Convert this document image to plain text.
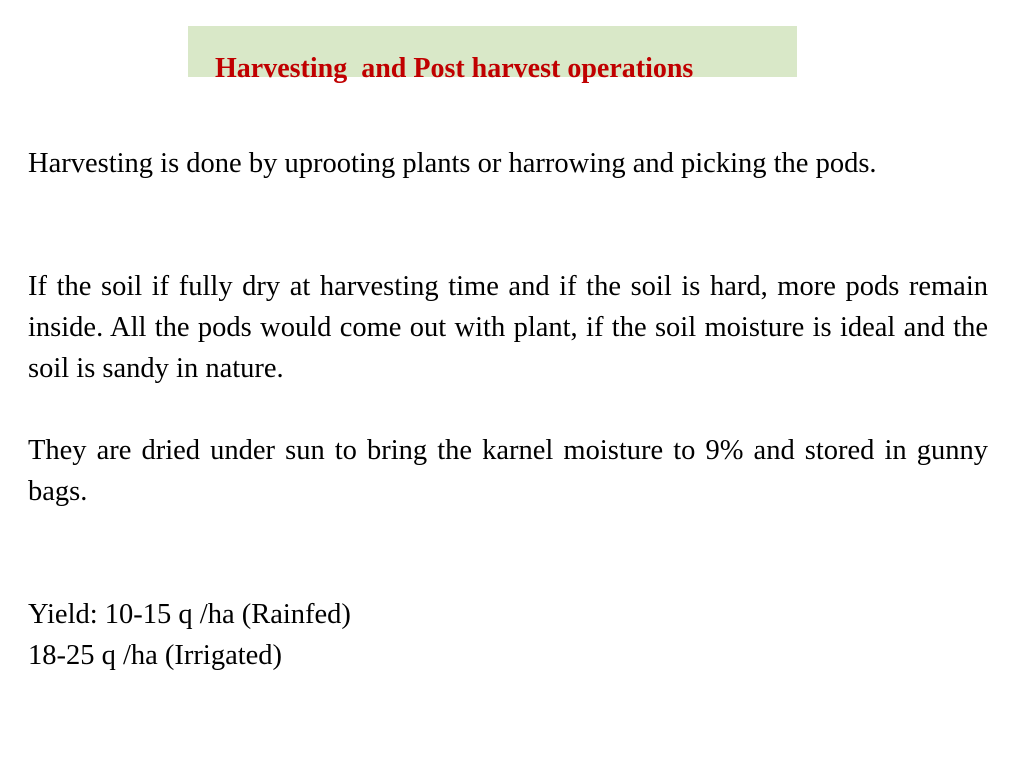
Harvesting  and Post harvest operations

Harvesting is done by uprooting plants or harrowing and picking the pods.

If the soil if fully dry at harvesting time and if the soil is hard, more pods remain inside. All the pods would come out with plant, if the soil moisture is ideal and the soil is sandy in nature.

They are dried under sun to bring the karnel moisture to 9% and stored in gunny bags.

Yield: 10-15 q /ha (Rainfed)

18-25 q /ha (Irrigated)
